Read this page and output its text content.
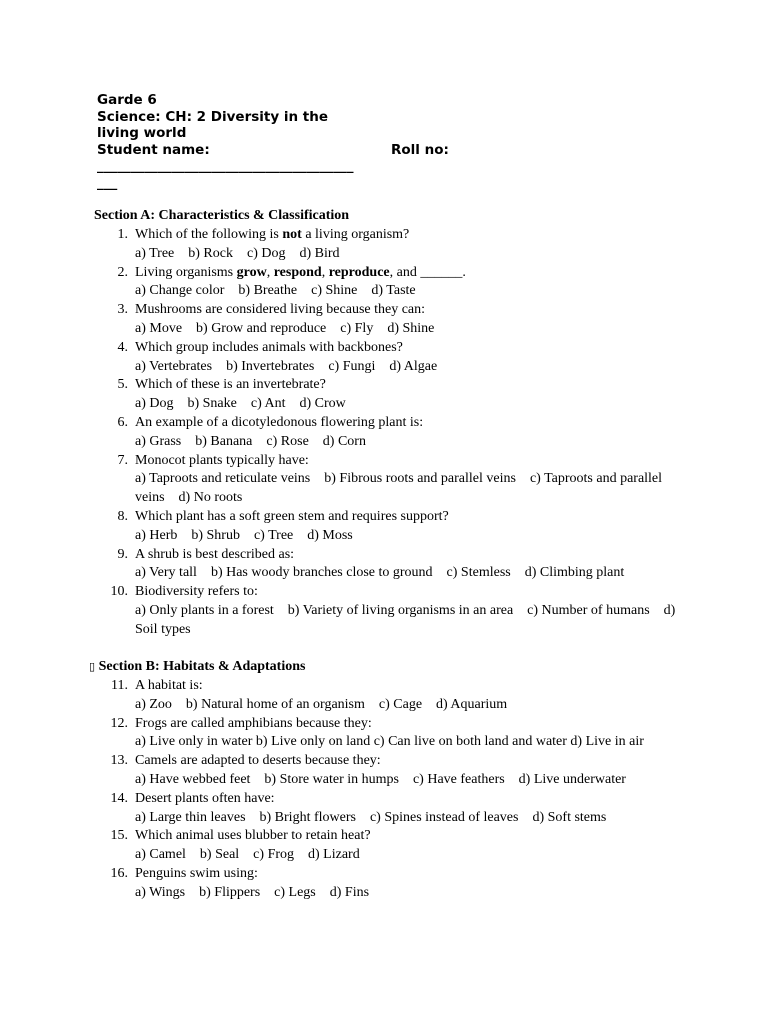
Garde 6
Science: CH: 2 Diversity in the living world
Student name:	Roll no:
______________________________________
___
Section A: Characteristics & Classification
1. Which of the following is not a living organism?
a) Tree    b) Rock    c) Dog    d) Bird
2. Living organisms grow, respond, reproduce, and ______.
a) Change color    b) Breathe    c) Shine    d) Taste
3. Mushrooms are considered living because they can:
a) Move    b) Grow and reproduce    c) Fly    d) Shine
4. Which group includes animals with backbones?
a) Vertebrates    b) Invertebrates    c) Fungi    d) Algae
5. Which of these is an invertebrate?
a) Dog    b) Snake    c) Ant    d) Crow
6. An example of a dicotyledonous flowering plant is:
a) Grass    b) Banana    c) Rose    d) Corn
7. Monocot plants typically have:
a) Taproots and reticulate veins    b) Fibrous roots and parallel veins    c) Taproots and parallel veins    d) No roots
8. Which plant has a soft green stem and requires support?
a) Herb    b) Shrub    c) Tree    d) Moss
9. A shrub is best described as:
a) Very tall    b) Has woody branches close to ground    c) Stemless    d) Climbing plant
10. Biodiversity refers to:
a) Only plants in a forest    b) Variety of living organisms in an area    c) Number of humans    d) Soil types
▯ Section B: Habitats & Adaptations
11. A habitat is:
a) Zoo    b) Natural home of an organism    c) Cage    d) Aquarium
12. Frogs are called amphibians because they:
a) Live only in water b) Live only on land c) Can live on both land and water d) Live in air
13. Camels are adapted to deserts because they:
a) Have webbed feet    b) Store water in humps    c) Have feathers    d) Live underwater
14. Desert plants often have:
a) Large thin leaves    b) Bright flowers    c) Spines instead of leaves    d) Soft stems
15. Which animal uses blubber to retain heat?
a) Camel    b) Seal    c) Frog    d) Lizard
16. Penguins swim using:
a) Wings    b) Flippers    c) Legs    d) Fins
